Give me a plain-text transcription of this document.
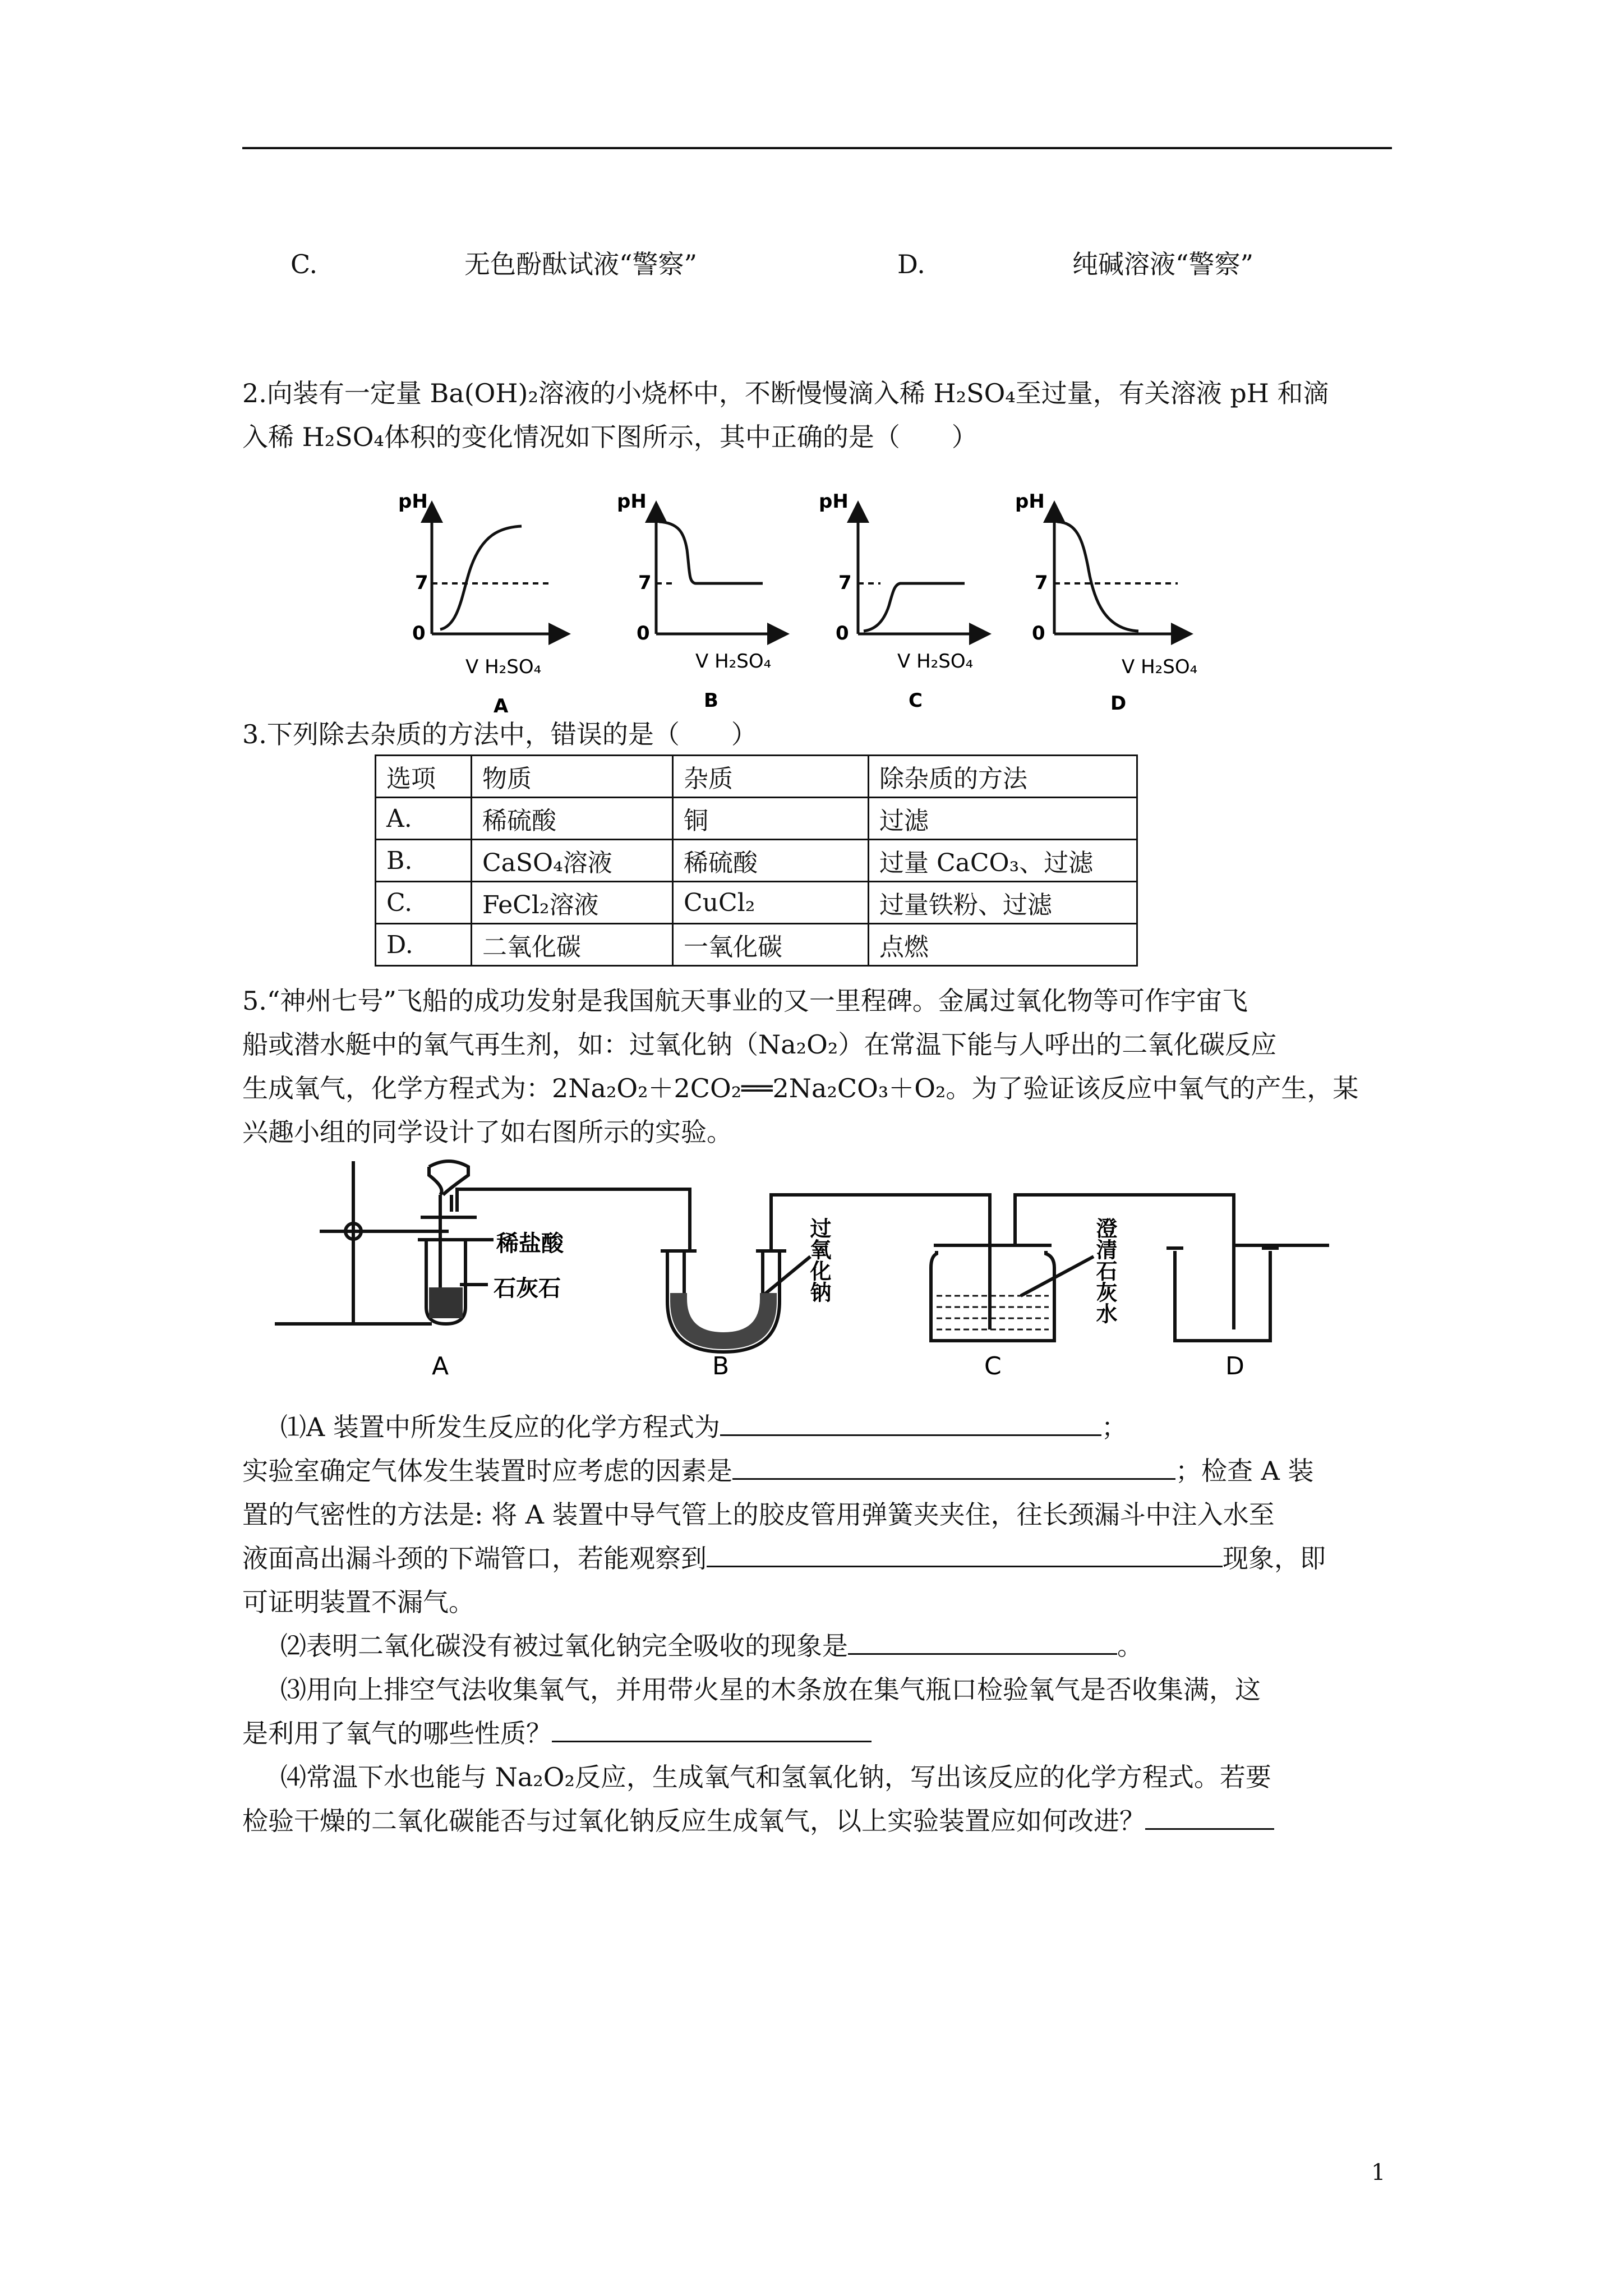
C.	无色酚酞试液“警察”	D.	纯碱溶液“警察”
2.向装有一定量 Ba(OH)₂溶液的小烧杯中，不断慢慢滴入稀 H₂SO₄至过量，有关溶液 pH 和滴
入稀 H₂SO₄体积的变化情况如下图所示，其中正确的是（　　）
pH
7
0
V H₂SO₄
A
pH
7
0
V H₂SO₄
B
pH
7
0
V H₂SO₄
C
pH
7
0
V H₂SO₄
D
3.下列除去杂质的方法中，错误的是（　　）
选项	物质	杂质	除杂质的方法
A.	稀硫酸	铜	过滤
B.	CaSO₄溶液	稀硫酸	过量 CaCO₃、过滤
C.	FeCl₂溶液	CuCl₂	过量铁粉、过滤
D.	二氧化碳	一氧化碳	点燃
5.“神州七号”飞船的成功发射是我国航天事业的又一里程碑。金属过氧化物等可作宇宙飞
船或潜水艇中的氧气再生剂，如：过氧化钠（Na₂O₂）在常温下能与人呼出的二氧化碳反应
生成氧气，化学方程式为：2Na₂O₂＋2CO₂══2Na₂CO₃＋O₂。为了验证该反应中氧气的产生，某
兴趣小组的同学设计了如右图所示的实验。
稀盐酸
石灰石	过氧化钠	澄清石灰水
A	B	C	D
⑴A 装置中所发生反应的化学方程式为	；
实验室确定气体发生装置时应考虑的因素是	；检查 A 装
置的气密性的方法是: 将 A 装置中导气管上的胶皮管用弹簧夹夹住，往长颈漏斗中注入水至
液面高出漏斗颈的下端管口，若能观察到	现象，即
可证明装置不漏气。
⑵表明二氧化碳没有被过氧化钠完全吸收的现象是	。
⑶用向上排空气法收集氧气，并用带火星的木条放在集气瓶口检验氧气是否收集满，这
是利用了氧气的哪些性质？
⑷常温下水也能与 Na₂O₂反应，生成氧气和氢氧化钠，写出该反应的化学方程式。若要
检验干燥的二氧化碳能否与过氧化钠反应生成氧气，以上实验装置应如何改进？
1
